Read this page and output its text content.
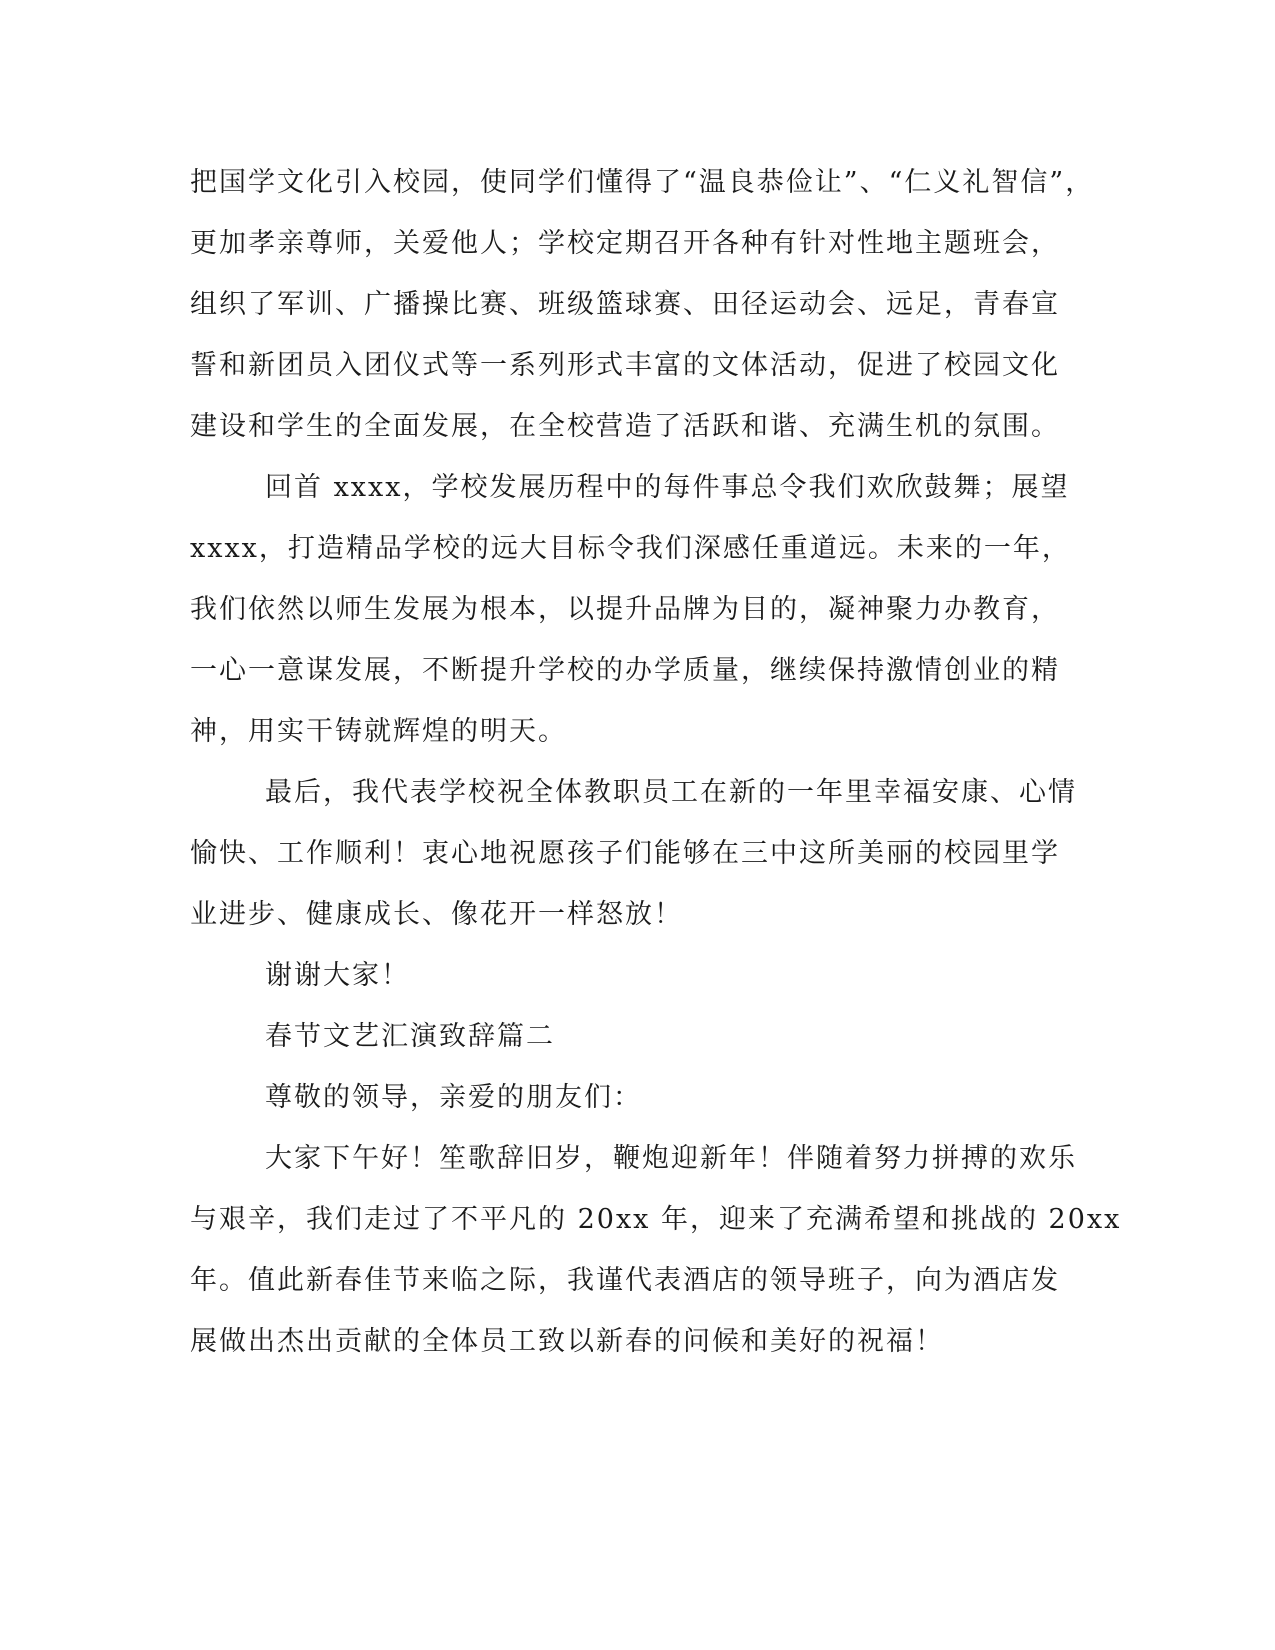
把国学文化引入校园，使同学们懂得了“温良恭俭让”、“仁义礼智信”，
更加孝亲尊师，关爱他人；学校定期召开各种有针对性地主题班会，
组织了军训、广播操比赛、班级篮球赛、田径运动会、远足，青春宣
誓和新团员入团仪式等一系列形式丰富的文体活动，促进了校园文化
建设和学生的全面发展，在全校营造了活跃和谐、充满生机的氛围。
回首 xxxx，学校发展历程中的每件事总令我们欢欣鼓舞；展望
xxxx，打造精品学校的远大目标令我们深感任重道远。未来的一年，
我们依然以师生发展为根本，以提升品牌为目的，凝神聚力办教育，
一心一意谋发展，不断提升学校的办学质量，继续保持激情创业的精
神，用实干铸就辉煌的明天。
最后，我代表学校祝全体教职员工在新的一年里幸福安康、心情
愉快、工作顺利！衷心地祝愿孩子们能够在三中这所美丽的校园里学
业进步、健康成长、像花开一样怒放！
谢谢大家！
春节文艺汇演致辞篇二
尊敬的领导，亲爱的朋友们：
大家下午好！笙歌辞旧岁，鞭炮迎新年！伴随着努力拼搏的欢乐
与艰辛，我们走过了不平凡的 20xx 年，迎来了充满希望和挑战的 20xx
年。值此新春佳节来临之际，我谨代表酒店的领导班子，向为酒店发
展做出杰出贡献的全体员工致以新春的问候和美好的祝福！
